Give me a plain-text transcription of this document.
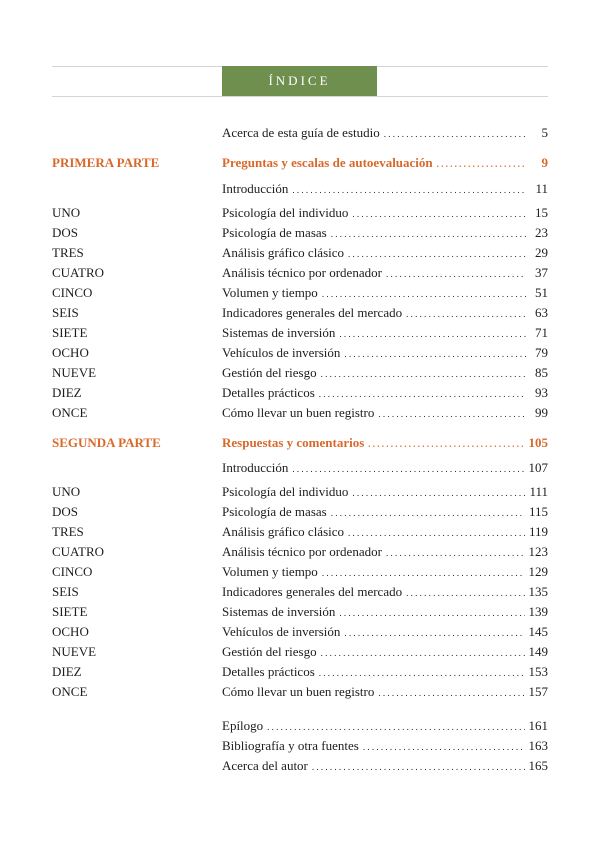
ÍNDICE
Acerca de esta guía de estudio . . .	5
PRIMERA PARTE	Preguntas y escalas de autoevaluación . . .	9
Introducción . . .	11
UNO	Psicología del individuo . . .	15
DOS	Psicología de masas . . .	23
TRES	Análisis gráfico clásico . . .	29
CUATRO	Análisis técnico por ordenador . . .	37
CINCO	Volumen y tiempo . . .	51
SEIS	Indicadores generales del mercado . . .	63
SIETE	Sistemas de inversión . . .	71
OCHO	Vehículos de inversión . . .	79
NUEVE	Gestión del riesgo . . .	85
DIEZ	Detalles prácticos . . .	93
ONCE	Cómo llevar un buen registro . . .	99
SEGUNDA PARTE	Respuestas y comentarios . . .	105
Introducción . . .	107
UNO	Psicología del individuo . . .	111
DOS	Psicología de masas . . .	115
TRES	Análisis gráfico clásico . . .	119
CUATRO	Análisis técnico por ordenador . . .	123
CINCO	Volumen y tiempo . . .	129
SEIS	Indicadores generales del mercado . . .	135
SIETE	Sistemas de inversión . . .	139
OCHO	Vehículos de inversión . . .	145
NUEVE	Gestión del riesgo . . .	149
DIEZ	Detalles prácticos . . .	153
ONCE	Cómo llevar un buen registro . . .	157
Epílogo . . .	161
Bibliografía y otra fuentes . . .	163
Acerca del autor . . .	165
